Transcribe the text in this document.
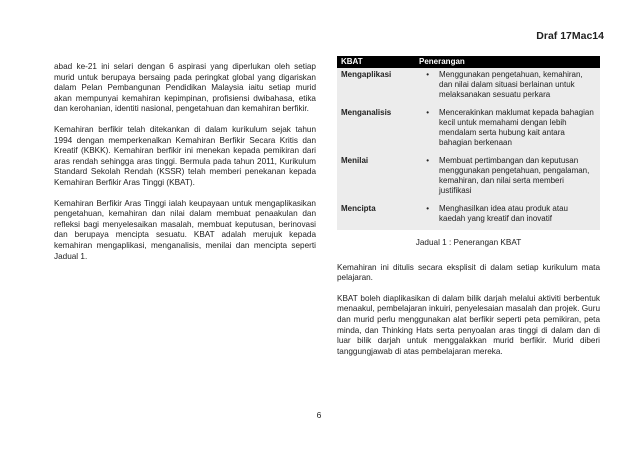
Draf 17Mac14

abad ke-21 ini selari dengan 6 aspirasi yang diperlukan oleh setiap murid untuk berupaya bersaing pada peringkat global yang digariskan dalam Pelan Pembangunan Pendidikan Malaysia iaitu setiap murid akan mempunyai kemahiran kepimpinan, profisiensi dwibahasa, etika dan kerohanian, identiti nasional, pengetahuan dan kemahiran berfikir.

Kemahiran berfikir telah ditekankan di dalam kurikulum sejak tahun 1994 dengan memperkenalkan Kemahiran Berfikir Secara Kritis dan Kreatif (KBKK). Kemahiran berfikir ini menekan kepada pemikiran dari aras rendah sehingga aras tinggi. Bermula pada tahun 2011, Kurikulum Standard Sekolah Rendah (KSSR) telah memberi penekanan kepada Kemahiran Berfikir Aras Tinggi (KBAT).

Kemahiran Berfikir Aras Tinggi ialah keupayaan untuk mengaplikasikan pengetahuan, kemahiran dan nilai dalam membuat penaakulan dan refleksi bagi menyelesaikan masalah, membuat keputusan, berinovasi dan berupaya mencipta sesuatu. KBAT adalah merujuk kepada kemahiran mengaplikasi, menganalisis, menilai dan mencipta seperti Jadual 1.

KBAT	Penerangan	
Mengaplikasi	•	Menggunakan pengetahuan, kemahiran, dan nilai dalam situasi berlainan untuk melaksanakan sesuatu perkara
Menganalisis	•	Mencerakinkan maklumat kepada bahagian kecil untuk memahami dengan lebih mendalam serta hubung kait antara bahagian berkenaan
Menilai	•	Membuat pertimbangan dan keputusan menggunakan pengetahuan, pengalaman, kemahiran, dan nilai serta memberi justifikasi
Mencipta	•	Menghasilkan idea atau produk atau kaedah yang kreatif dan inovatif
Jadual 1 : Penerangan KBAT

Kemahiran ini ditulis secara eksplisit di dalam setiap kurikulum mata pelajaran.

KBAT boleh diaplikasikan di dalam bilik darjah melalui aktiviti berbentuk menaakul, pembelajaran inkuiri, penyelesaian masalah dan projek. Guru dan murid perlu menggunakan alat berfikir seperti peta pemikiran, peta minda, dan Thinking Hats serta penyoalan aras tinggi di dalam dan di luar bilik darjah untuk menggalakkan murid berfikir. Murid diberi tanggungjawab di atas pembelajaran mereka.

6
